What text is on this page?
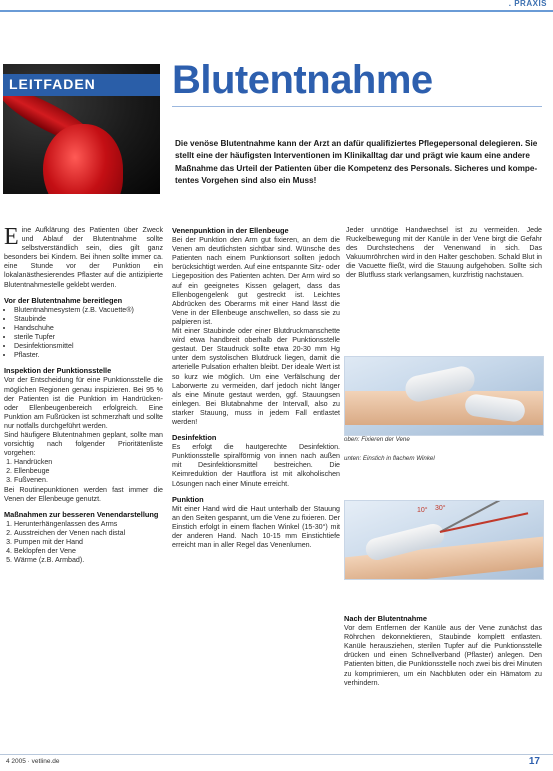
. PRAXIS
LEITFADEN Blutentnahme
Die venöse Blutentnahme kann der Arzt an dafür qualifiziertes Pflegepersonal delegieren. Sie stellt eine der häufigsten Interventionen im Klinikalltag dar und prägt wie kaum eine andere Maßnahme das Urteil der Patienten über die Kompetenz des Personals. Sicheres und kompetentes Vorgehen sind also ein Muss!

Eine Aufklärung des Patienten über Zweck und Ablauf der Blutentnahme sollte selbstverständlich sein, dies gilt ganz besonders bei Kindern. Bei ihnen sollte immer ca. eine Stunde vor der Punktion ein lokalanästhesierendes Pflaster auf die antizipierte Blutentnahmestelle geklebt werden.

Vor der Blutentnahme bereitlegen
• Blutentnahmesystem (z.B. Vacuette®)
• Staubinde
• Handschuhe
• sterile Tupfer
• Desinfektionsmittel
• Pflaster.
Inspektion der Punktionsstelle

Vor der Entscheidung für eine Punktionsstelle die möglichen Regionen genau inspizieren. Bei 95 % der Patienten ist die Punktion im Handrücken- oder Ellenbeugenbereich erfolgreich. Eine Punktion am Fußrücken ist schmerzhaft und sollte nur notfalls durchgeführt werden.

Sind häufigere Blutentnahmen geplant, sollte man vorsichtig nach folgender Prioritätenliste vorgehen:

1. Handrücken
2. Ellenbeuge
3. Fußvenen.

Bei Routinepunktionen werden fast immer die Venen der Ellenbeuge genutzt.

Maßnahmen zur besseren Venendarstellung
1. Herunterhängenlassen des Arms
2. Ausstreichen der Venen nach distal
3. Pumpen mit der Hand
4. Beklopfen der Vene
5. Wärme (z.B. Armbad).
Venenpunktion in der Ellenbeuge

Bei der Punktion den Arm gut fixieren, an dem die Venen am deutlichsten sichtbar sind. Wünsche des Patienten nach einem Punktionsort sollten jedoch berücksichtigt werden. Auf eine entspannte Sitz- oder Liegeposition des Patienten achten. Der Arm wird so auf ein geeignetes Kissen gelagert, dass das Ellenbogengelenk gut gestreckt ist. Leichtes Abdrücken des Oberarms mit einer Hand lässt die Vene in der Ellenbeuge anschwellen, so dass sie zu palpieren ist.

Mit einer Staubinde oder einer Blutdruckmanschette wird etwa handbreit oberhalb der Punktionsstelle gestaut. Der Staudruck sollte etwa 20-30 mm Hg unter dem systolischen Blutdruck liegen, damit die arterielle Pulsation erhalten bleibt. Der ideale Wert ist so kurz wie möglich. Um eine Verfälschung der Laborwerte zu vermeiden, darf jedoch nicht länger als eine Minute gestaut werden, ggf. Stauungsen einlegen. Bei Blutabnahme der Intervall, also zu starker Stauung, muss in jedem Fall entlastet werden!

Desinfektion

Es erfolgt die hautgerechte Desinfektion. Punktionsstelle spiralförmig von innen nach außen mit Desinfektionsmittel bestreichen. Die Keimreduktion der Hautflora ist mit alkoholischen Lösungen nach einer Minute erreicht.

Punktion

Mit einer Hand wird die Haut unterhalb der Stauung an den Seiten gespannt, um die Vene zu fixieren. Der Einstich erfolgt in einem flachen Winkel (15-30°) mit der anderen Hand. Nach 10-15 mm Einstichtiefe erreicht man in aller Regel das Venenlumen.

Jeder unnötige Handwechsel ist zu vermeiden. Jede Ruckelbewegung mit der Kanüle in der Vene birgt die Gefahr des Durchstechens der Venenwand in sich. Das Vakuumröhrchen wird in den Halter geschoben. Schald Blut in die Vacuette fließt, wird die Stauung aufgehoben. Sollte sich der Blutfluss stark verlangsamen, kurzfristig nachstauen.

oben: Fixieren der Vene
unten: Einstich in flachem Winkel
10° 30°
Nach der Blutentnahme

Vor dem Entfernen der Kanüle aus der Vene zunächst das Röhrchen dekonnektieren, Staubinde komplett entlasten. Kanüle herausziehen, sterilen Tupfer auf die Punktionsstelle drücken und einen Schnellverband (Pflaster) anlegen. Den Patienten bitten, die Punktionsstelle noch zwei bis drei Minuten zu komprimieren, um ein Nachbluten oder ein Hämatom zu verhindern.

4 2005 · vetline.de	17
